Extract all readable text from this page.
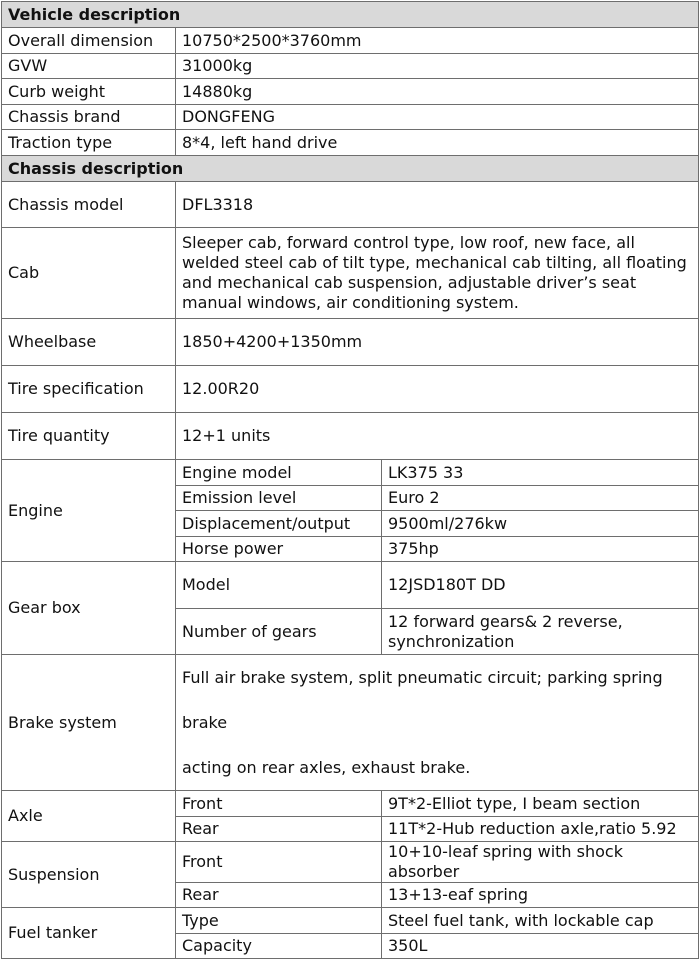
Vehicle description		
Overall dimension	10750*2500*3760mm	
GVW	31000kg	
Curb weight	14880kg	
Chassis brand	DONGFENG	
Traction type	8*4, left hand drive	
Chassis description		
Chassis model	DFL3318	
Cab	Sleeper cab, forward control type, low roof, new face, all welded steel cab of tilt type, mechanical cab tilting, all floating and mechanical cab suspension, adjustable driver’s seat manual windows, air conditioning system.	
Wheelbase	1850+4200+1350mm	
Tire specification	12.00R20	
Tire quantity	12+1 units	
Engine	Engine model	LK375 33
	Emission level	Euro 2
	Displacement/output	9500ml/276kw
	Horse power	375hp
Gear box	Model	12JSD180T DD
	Number of gears	12 forward gears& 2 reverse, synchronization
Brake system	Full air brake system, split pneumatic circuit; parking spring brake
acting on rear axles, exhaust brake.	

Axle	Front	9T*2-Elliot type, I beam section
	Rear	11T*2-Hub reduction axle,ratio 5.92
Suspension	Front	10+10-leaf spring with shock absorber
	Rear	13+13-eaf spring
Fuel tanker	Type	Steel fuel tank, with lockable cap
	Capacity	350L
